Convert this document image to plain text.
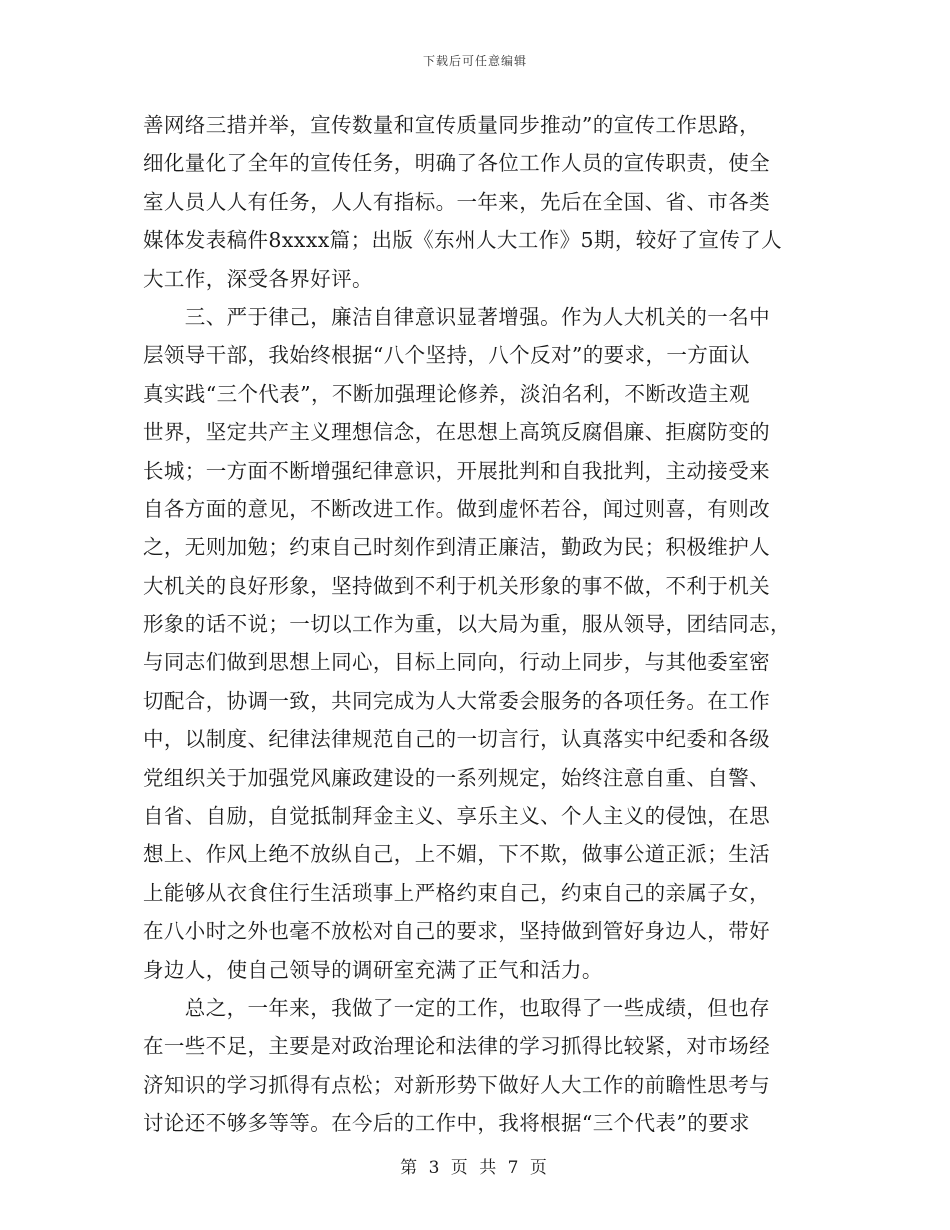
下载后可任意编辑
善网络三措并举，宣传数量和宣传质量同步推动”的宣传工作思路，
细化量化了全年的宣传任务，明确了各位工作人员的宣传职责，使全
室人员人人有任务，人人有指标。一年来，先后在全国、省、市各类
媒体发表稿件8xxxx篇；出版《东州人大工作》5期，较好了宣传了人
大工作，深受各界好评。
　　三、严于律己，廉洁自律意识显著增强。作为人大机关的一名中
层领导干部，我始终根据“八个坚持，八个反对”的要求，一方面认
真实践“三个代表”，不断加强理论修养，淡泊名利，不断改造主观
世界，坚定共产主义理想信念，在思想上高筑反腐倡廉、拒腐防变的
长城；一方面不断增强纪律意识，开展批判和自我批判，主动接受来
自各方面的意见，不断改进工作。做到虚怀若谷，闻过则喜，有则改
之，无则加勉；约束自己时刻作到清正廉洁，勤政为民；积极维护人
大机关的良好形象，坚持做到不利于机关形象的事不做，不利于机关
形象的话不说；一切以工作为重，以大局为重，服从领导，团结同志，
与同志们做到思想上同心，目标上同向，行动上同步，与其他委室密
切配合，协调一致，共同完成为人大常委会服务的各项任务。在工作
中，以制度、纪律法律规范自己的一切言行，认真落实中纪委和各级
党组织关于加强党风廉政建设的一系列规定，始终注意自重、自警、
自省、自励，自觉抵制拜金主义、享乐主义、个人主义的侵蚀，在思
想上、作风上绝不放纵自己，上不媚，下不欺，做事公道正派；生活
上能够从衣食住行生活琐事上严格约束自己，约束自己的亲属子女，
在八小时之外也毫不放松对自己的要求，坚持做到管好身边人，带好
身边人，使自己领导的调研室充满了正气和活力。
　　总之，一年来，我做了一定的工作，也取得了一些成绩，但也存
在一些不足，主要是对政治理论和法律的学习抓得比较紧，对市场经
济知识的学习抓得有点松；对新形势下做好人大工作的前瞻性思考与
讨论还不够多等等。在今后的工作中，我将根据“三个代表”的要求
第 3 页 共 7 页
